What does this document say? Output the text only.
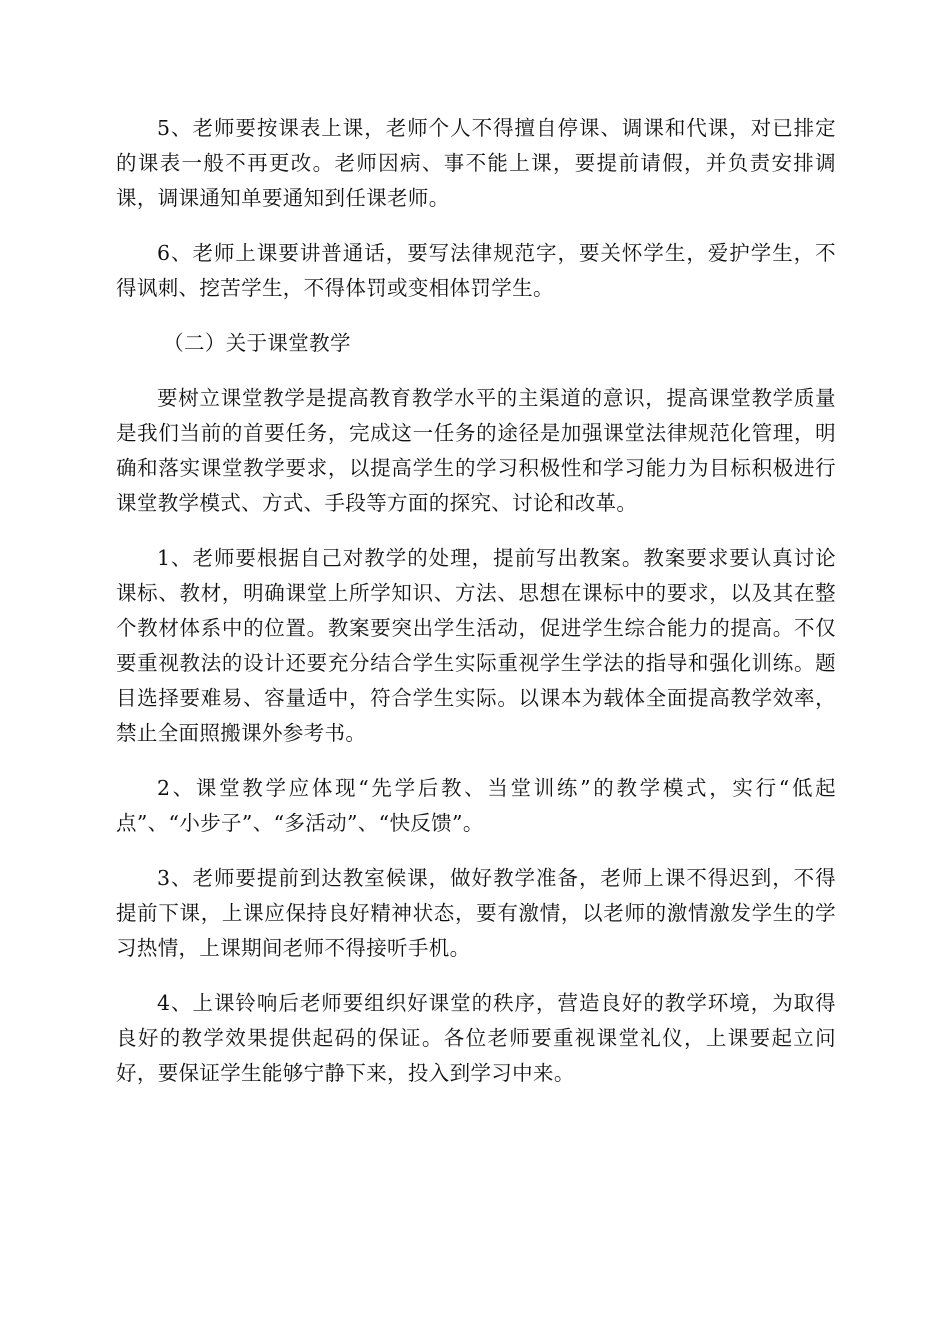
5、老师要按课表上课，老师个人不得擅自停课、调课和代课，对已排定的课表一般不再更改。老师因病、事不能上课，要提前请假，并负责安排调课，调课通知单要通知到任课老师。

6、老师上课要讲普通话，要写法律规范字，要关怀学生，爱护学生，不得讽刺、挖苦学生，不得体罚或变相体罚学生。

（二）关于课堂教学

要树立课堂教学是提高教育教学水平的主渠道的意识，提高课堂教学质量是我们当前的首要任务，完成这一任务的途径是加强课堂法律规范化管理，明确和落实课堂教学要求，以提高学生的学习积极性和学习能力为目标积极进行课堂教学模式、方式、手段等方面的探究、讨论和改革。

1、老师要根据自己对教学的处理，提前写出教案。教案要求要认真讨论课标、教材，明确课堂上所学知识、方法、思想在课标中的要求，以及其在整个教材体系中的位置。教案要突出学生活动，促进学生综合能力的提高。不仅要重视教法的设计还要充分结合学生实际重视学生学法的指导和强化训练。题目选择要难易、容量适中，符合学生实际。以课本为载体全面提高教学效率，禁止全面照搬课外参考书。

2、课堂教学应体现“先学后教、当堂训练”的教学模式，实行“低起点”、“小步子”、“多活动”、“快反馈”。

3、老师要提前到达教室候课，做好教学准备，老师上课不得迟到，不得提前下课，上课应保持良好精神状态，要有激情，以老师的激情激发学生的学习热情，上课期间老师不得接听手机。

4、上课铃响后老师要组织好课堂的秩序，营造良好的教学环境，为取得良好的教学效果提供起码的保证。各位老师要重视课堂礼仪，上课要起立问好，要保证学生能够宁静下来，投入到学习中来。
